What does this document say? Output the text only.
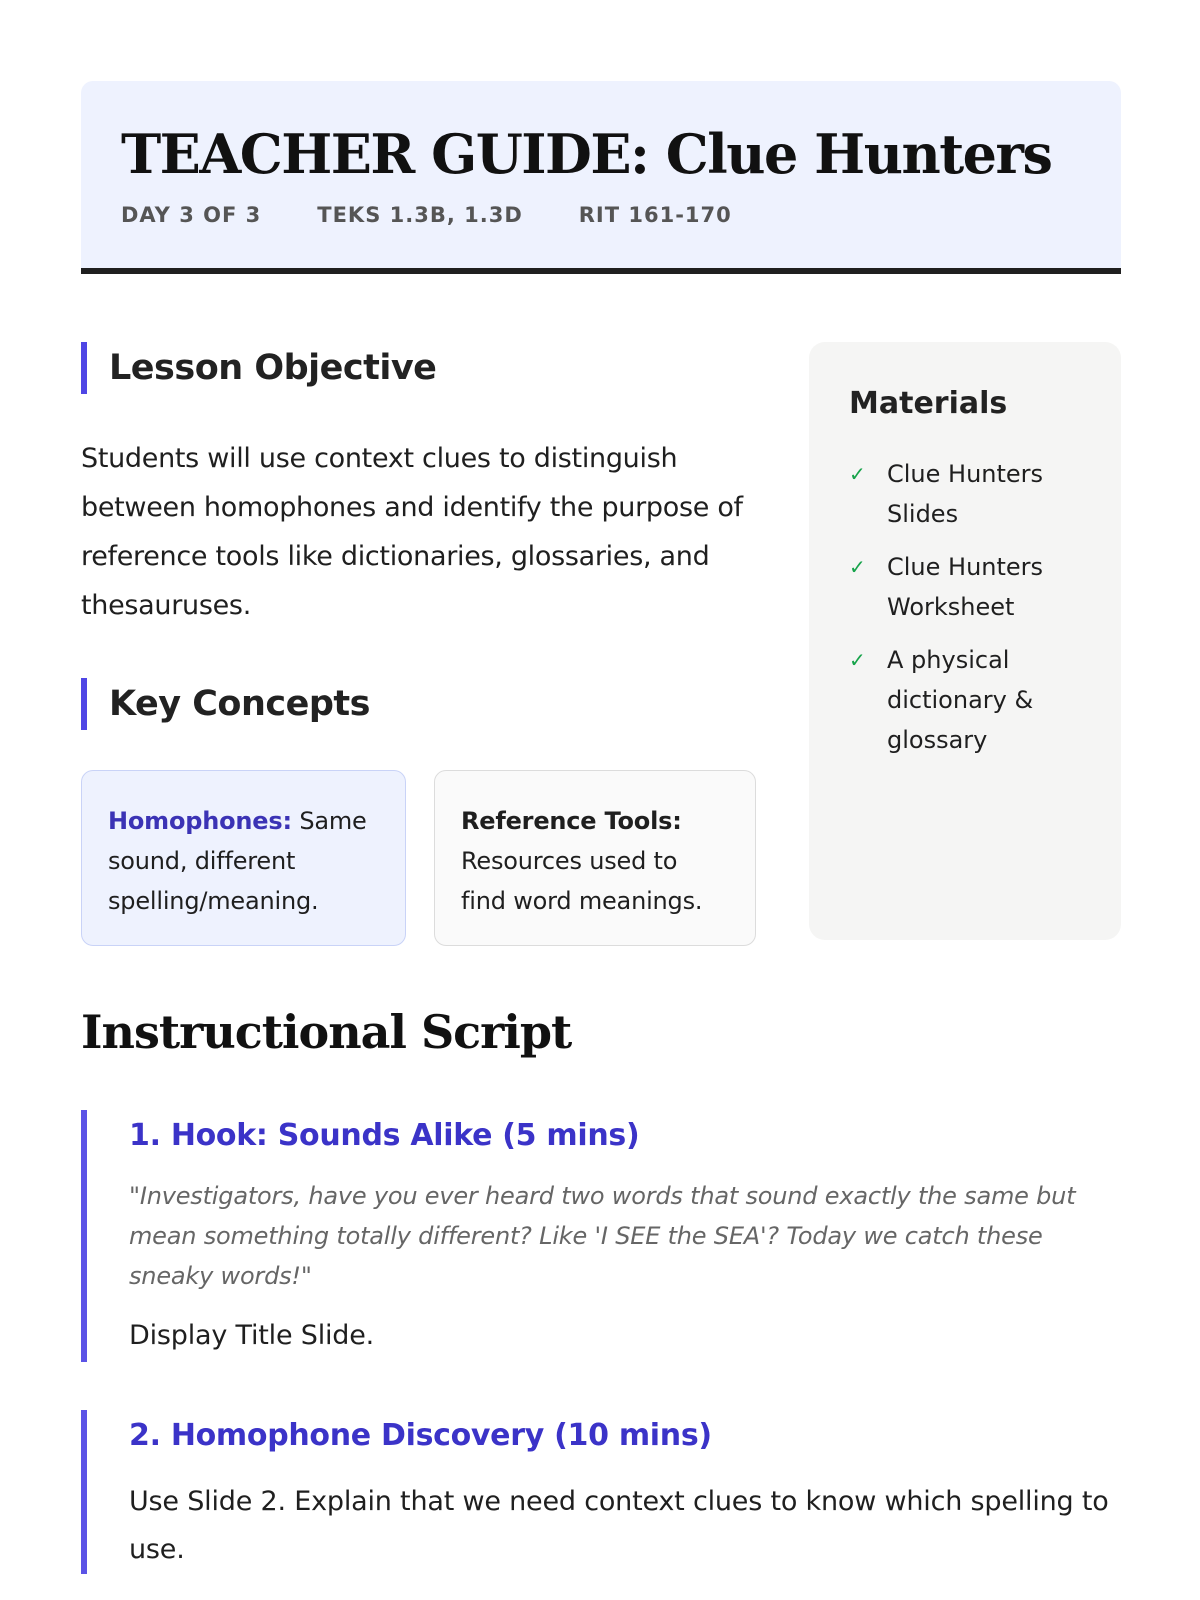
TEACHER GUIDE: Clue Hunters
DAY 3 OF 3	TEKS 1.3B, 1.3D	RIT 161-170
Lesson Objective

Students will use context clues to distinguish between homophones and identify the purpose of reference tools like dictionaries, glossaries, and thesauruses.

Key Concepts
Homophones: Same sound, different spelling/meaning.
Reference Tools: Resources used to find word meanings.
Materials
✓ Clue Hunters Slides
✓ Clue Hunters Worksheet
✓ A physical dictionary & glossary
Instructional Script
1. Hook: Sounds Alike (5 mins)

"Investigators, have you ever heard two words that sound exactly the same but mean something totally different? Like 'I SEE the SEA'? Today we catch these sneaky words!"

Display Title Slide.

2. Homophone Discovery (10 mins)

Use Slide 2. Explain that we need context clues to know which spelling to use.
